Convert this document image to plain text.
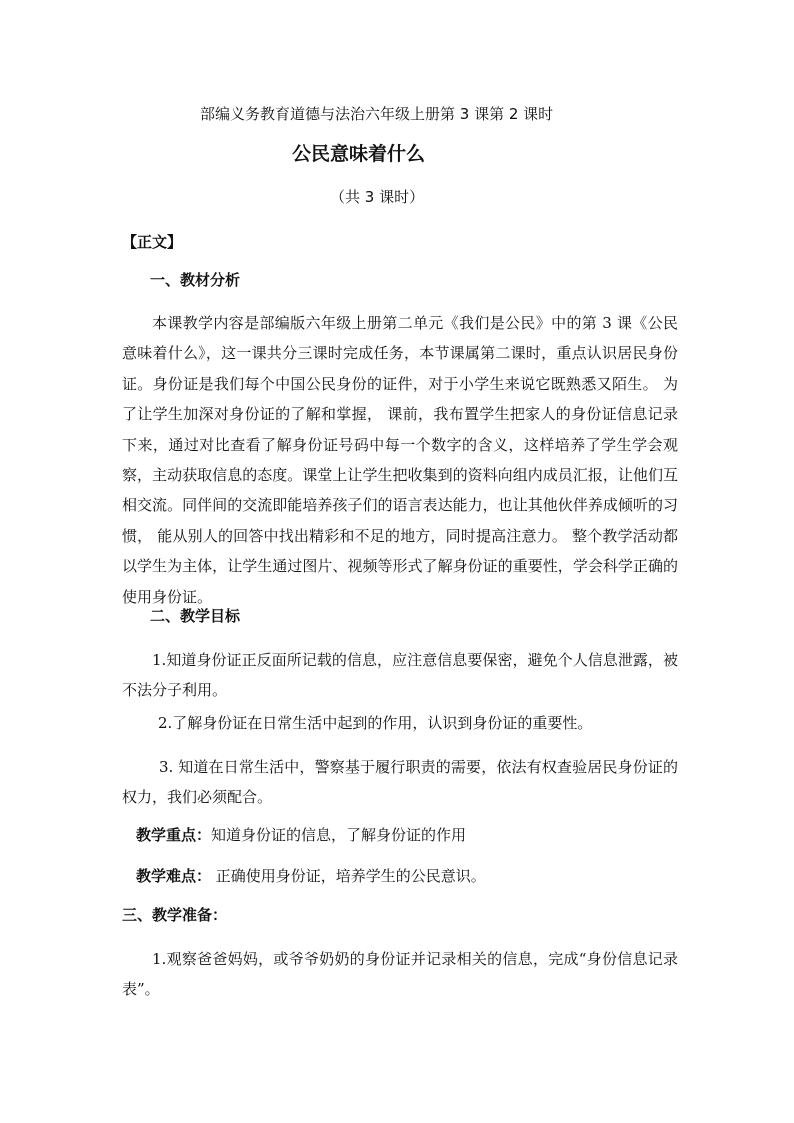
部编义务教育道德与法治六年级上册第 3 课第 2 课时
公民意味着什么
（共 3 课时）
【正文】
一、教材分析
本课教学内容是部编版六年级上册第二单元《我们是公民》中的第 3 课《公民意味着什么》，这一课共分三课时完成任务，本节课属第二课时，重点认识居民身份证。身份证是我们每个中国公民身份的证件，对于小学生来说它既熟悉又陌生。 为了让学生加深对身份证的了解和掌握， 课前，我布置学生把家人的身份证信息记录下来，通过对比查看了解身份证号码中每一个数字的含义，这样培养了学生学会观察，主动获取信息的态度。课堂上让学生把收集到的资料向组内成员汇报，让他们互相交流。同伴间的交流即能培养孩子们的语言表达能力，也让其他伙伴养成倾听的习惯， 能从别人的回答中找出精彩和不足的地方，同时提高注意力。 整个教学活动都以学生为主体，让学生通过图片、视频等形式了解身份证的重要性，学会科学正确的使用身份证。
二、教学目标
1.知道身份证正反面所记载的信息，应注意信息要保密，避免个人信息泄露，被不法分子利用。
2.了解身份证在日常生活中起到的作用，认识到身份证的重要性。
3. 知道在日常生活中，警察基于履行职责的需要，依法有权查验居民身份证的权力，我们必须配合。
教学重点：知道身份证的信息，了解身份证的作用
教学难点： 正确使用身份证，培养学生的公民意识。
三、教学准备：
1.观察爸爸妈妈，或爷爷奶奶的身份证并记录相关的信息，完成“身份信息记录表”。
